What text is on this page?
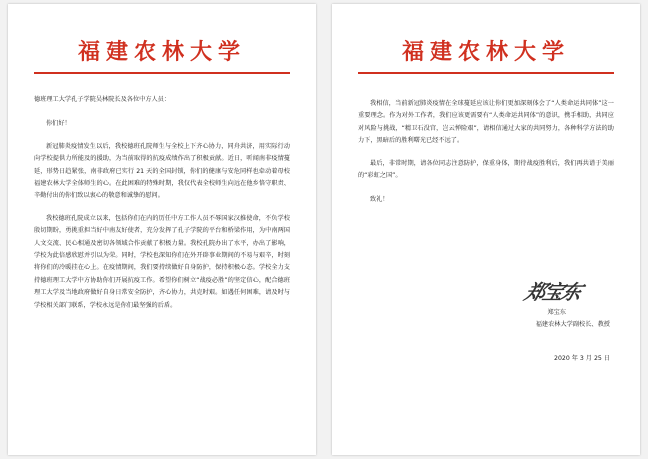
福建农林大学
德班理工大学孔子学院吴林院长及各位中方人员：
你们好！
新冠肺炎疫情发生以后，我校德班孔院师生与全校上下齐心协力，同舟共济，用实际行动向学校提供力所能及的援助，为当前取得的抗疫成绩作出了积极贡献。近日，听闻南非疫情蔓延，形势日趋紧张，南非政府已实行 21 天的全国封锁，你们的健康与安危同样也牵动着母校福建农林大学全体师生的心。在此困难的特殊时期，我仅代表全校师生向远在他乡恪守职责、辛勤付出的你们致以衷心的敬意和诚挚的慰问。
我校德班孔院成立以来，包括你们在内的历任中方工作人员不辱国家汉推使命，不负学校殷切期盼，勇挑重担当好中南友好使者，充分发挥了孔子学院的平台和桥梁作用，为中南两国人文交流、民心相通及密切各领域合作贡献了积极力量。我校孔院办出了水平，办出了影响，学校为此倍感欣慰并引以为荣。同时，学校也深知你们在外开辟事业期间的不易与艰辛，时刻将你们的冷暖挂在心上。在疫情期间，我们要持续做好自身防护，保持积极心态。学校全力支持德班理工大学中方协助你们开展抗疫工作。希望你们树立“战疫必胜”的坚定信心，配合德班理工大学及当地政府做好自身日常安全防护，齐心协力，共克时艰。如遇任何困难，请及时与学校相关部门联系，学校永远是你们最坚强的后盾。
福建农林大学
我相信，当前新冠肺炎疫情在全球蔓延应该让你们更加深刻体会了“人类命运共同体”这一重要理念。作为对外工作者，我们应该更需要有“人类命运共同体”的意识，携手相助，共同应对风险与挑战，“精卫石没宫，岂云惮险艰”，请相信通过大家的共同努力，各种科学方法的助力下，黑暗后的胜利曙光已经不远了。
最后，非常时期，请各位同志注意防护，保重身体，期待战疫胜利后，我们再共谱于美丽的“彩虹之国”。
致礼！
郑宝东
郑宝东
福建农林大学副校长、教授
2020 年 3 月 25 日
